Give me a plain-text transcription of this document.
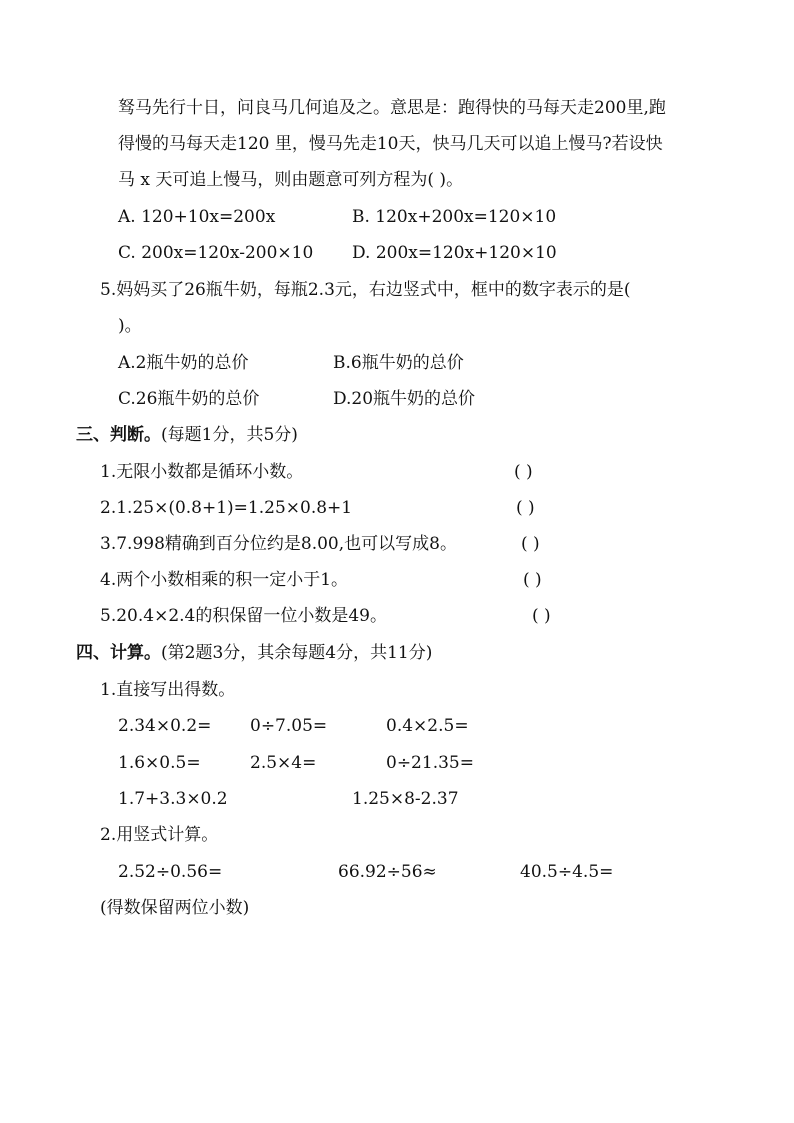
驽马先行十日，问良马几何追及之。意思是：跑得快的马每天走200里,跑
得慢的马每天走120 里，慢马先走10天，快马几天可以追上慢马?若设快
马 x 天可追上慢马，则由题意可列方程为( )。
A. 120+10x=200x	B. 120x+200x=120×10
C. 200x=120x-200×10 D. 200x=120x+120×10
5.妈妈买了26瓶牛奶，每瓶2.3元，右边竖式中，框中的数字表示的是(
)。
A.2瓶牛奶的总价	B.6瓶牛奶的总价
C.26瓶牛奶的总价	D.20瓶牛奶的总价
三、判断。(每题1分，共5分)
1.无限小数都是循环小数。	( )
2.1.25×(0.8+1)=1.25×0.8+1	( )
3.7.998精确到百分位约是8.00,也可以写成8。	( )
4.两个小数相乘的积一定小于1。	( )
5.20.4×2.4的积保留一位小数是49。	( )
四、计算。(第2题3分，其余每题4分，共11分)
1.直接写出得数。
2.34×0.2= 0÷7.05=	0.4×2.5=
1.6×0.5=	2.5×4=	0÷21.35=
1.7+3.3×0.2	1.25×8-2.37
2.用竖式计算。
2.52÷0.56=	66.92÷56≈	40.5÷4.5=
(得数保留两位小数)
